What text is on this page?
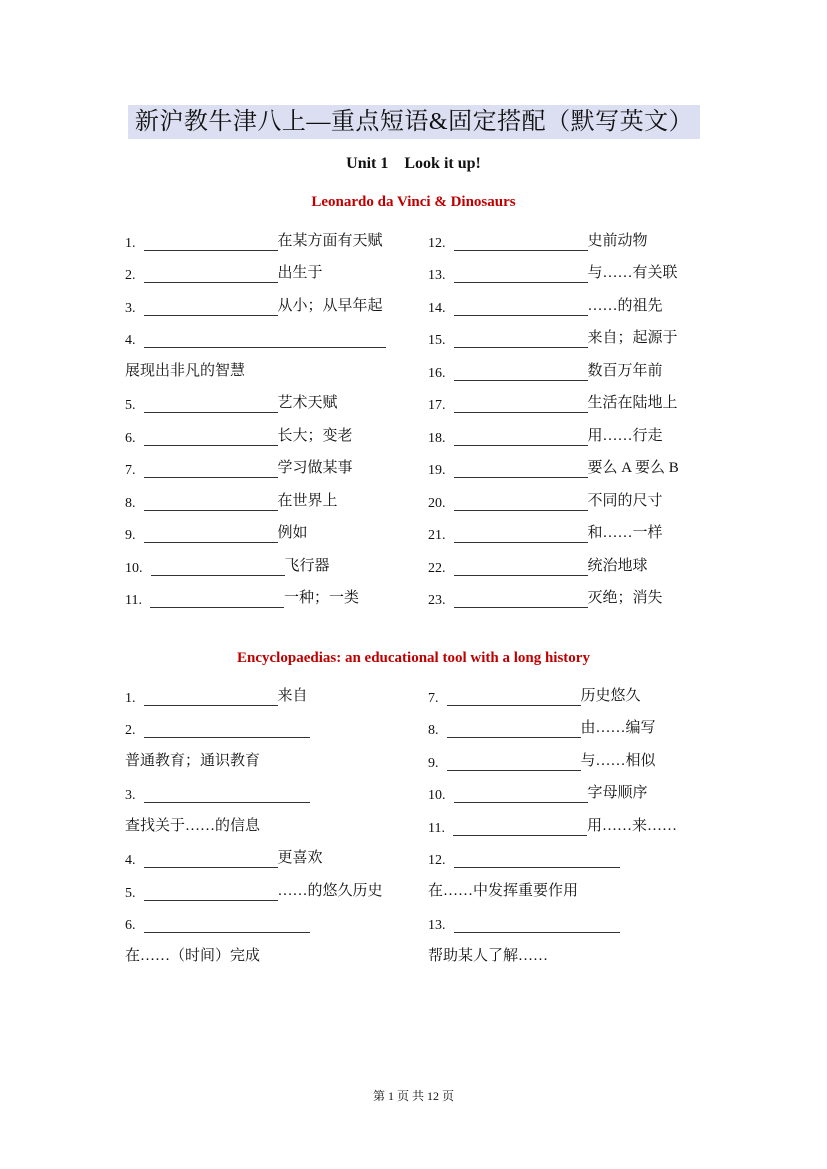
新沪教牛津八上—重点短语&固定搭配（默写英文）
Unit 1 Look it up!
Leonardo da Vinci & Dinosaurs
1.	在某方面有天赋
2.	出生于
3.	从小；从早年起
4.
展现出非凡的智慧
5.	艺术天赋
6.	长大；变老
7.	学习做某事
8.	在世界上
9.	例如
10.	飞行器
11.	一种；一类
12.	史前动物
13.	与……有关联
14.	……的祖先
15.	来自；起源于
16.	数百万年前
17.	生活在陆地上
18.	用……行走
19.	要么 A 要么 B
20.	不同的尺寸
21.	和……一样
22.	统治地球
23.	灭绝；消失
Encyclopaedias: an educational tool with a long history
1.	来自
2.
普通教育；通识教育
3.
查找关于……的信息
4.	更喜欢
5.	……的悠久历史
6.
在……（时间）完成
7.	历史悠久
8.	由……编写
9.	与……相似
10.	字母顺序
11.	用……来……
12.
在……中发挥重要作用
13.
帮助某人了解……
第 1 页 共 12 页
